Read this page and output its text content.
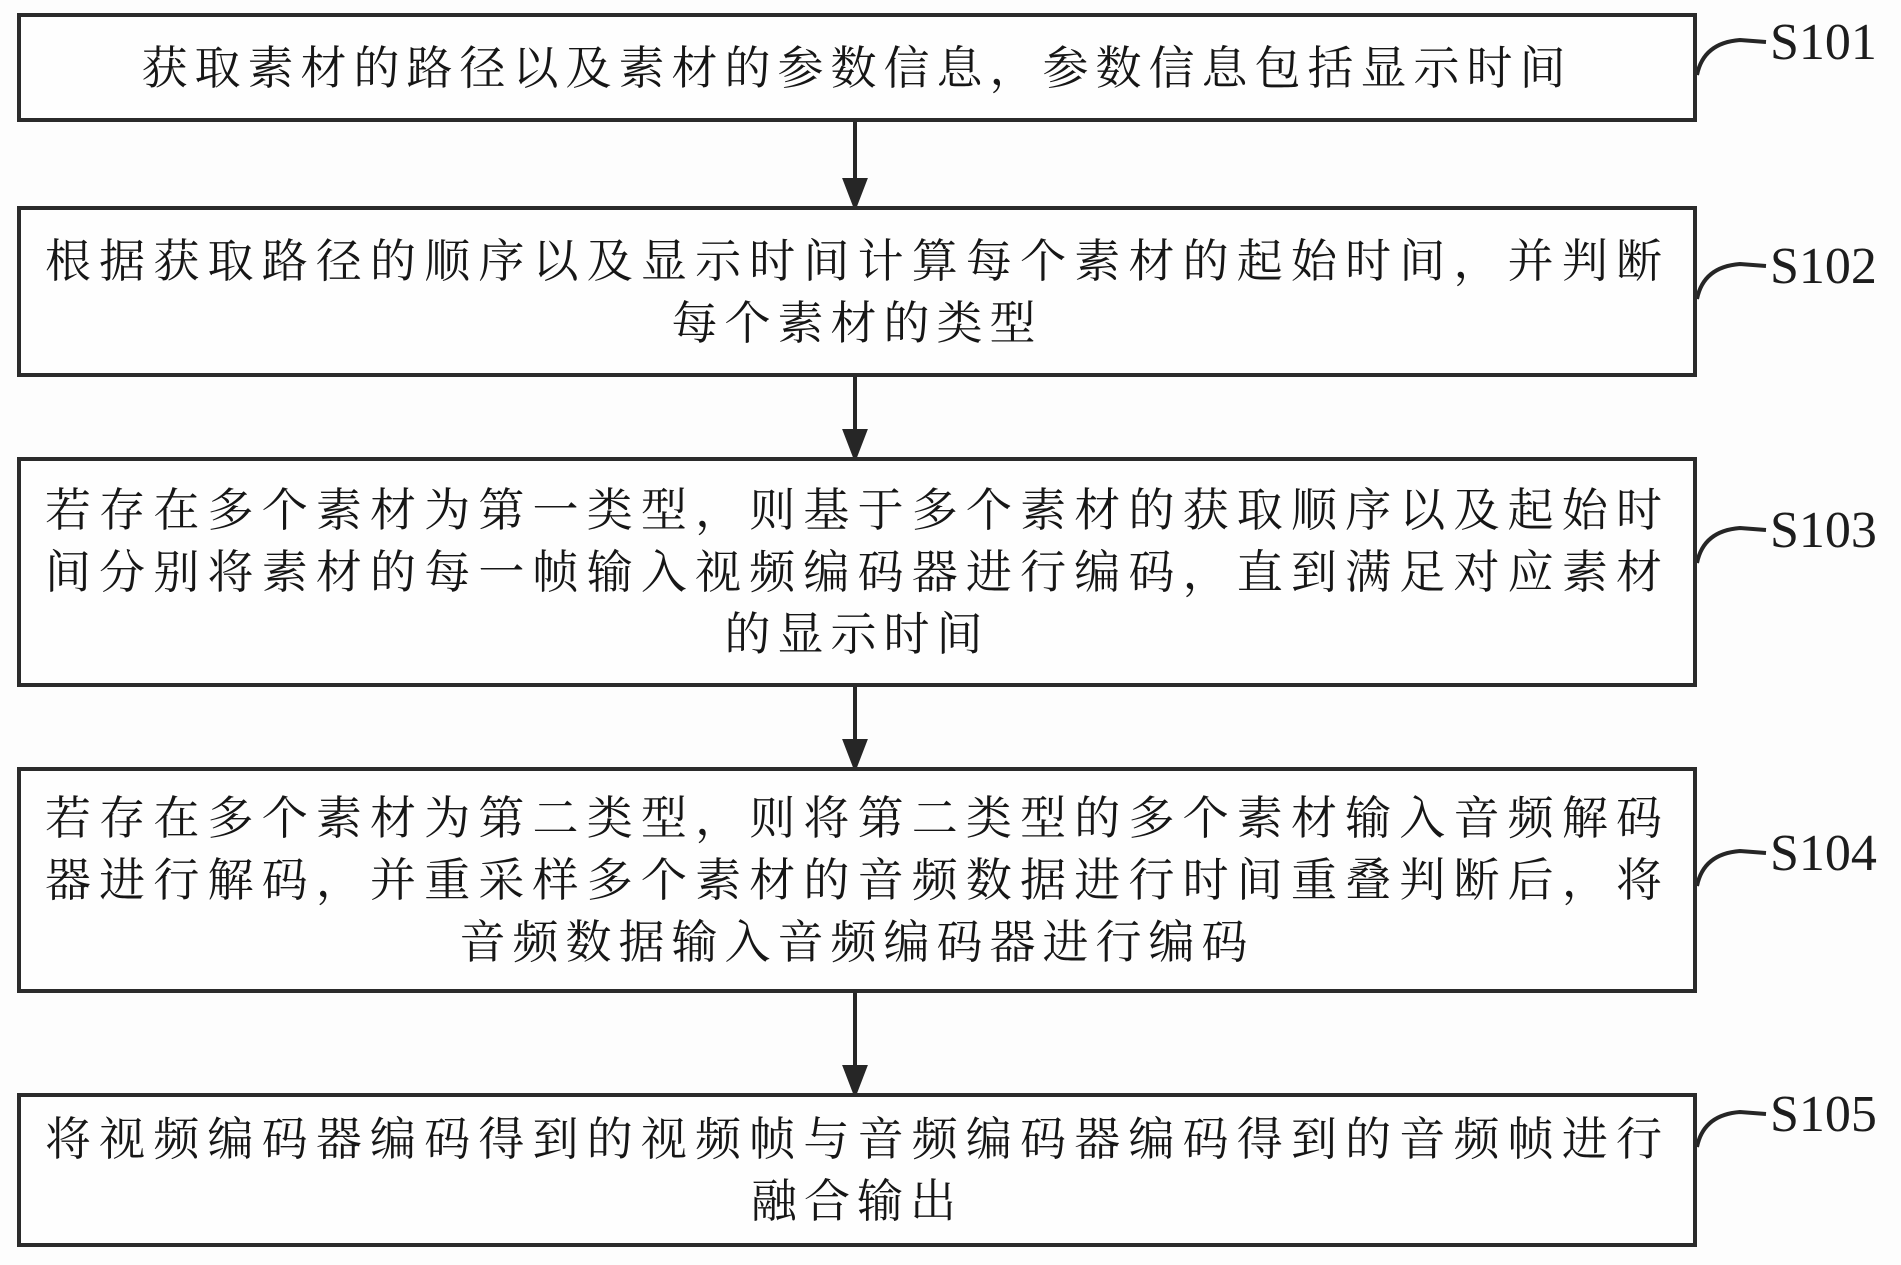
获取素材的路径以及素材的参数信息，参数信息包括显示时间
根据获取路径的顺序以及显示时间计算每个素材的起始时间，并判断每个素材的类型
若存在多个素材为第一类型，则基于多个素材的获取顺序以及起始时间分别将素材的每一帧输入视频编码器进行编码，直到满足对应素材的显示时间
若存在多个素材为第二类型，则将第二类型的多个素材输入音频解码器进行解码，并重采样多个素材的音频数据进行时间重叠判断后，将音频数据输入音频编码器进行编码
将视频编码器编码得到的视频帧与音频编码器编码得到的音频帧进行融合输出
S101
S102
S103
S104
S105
